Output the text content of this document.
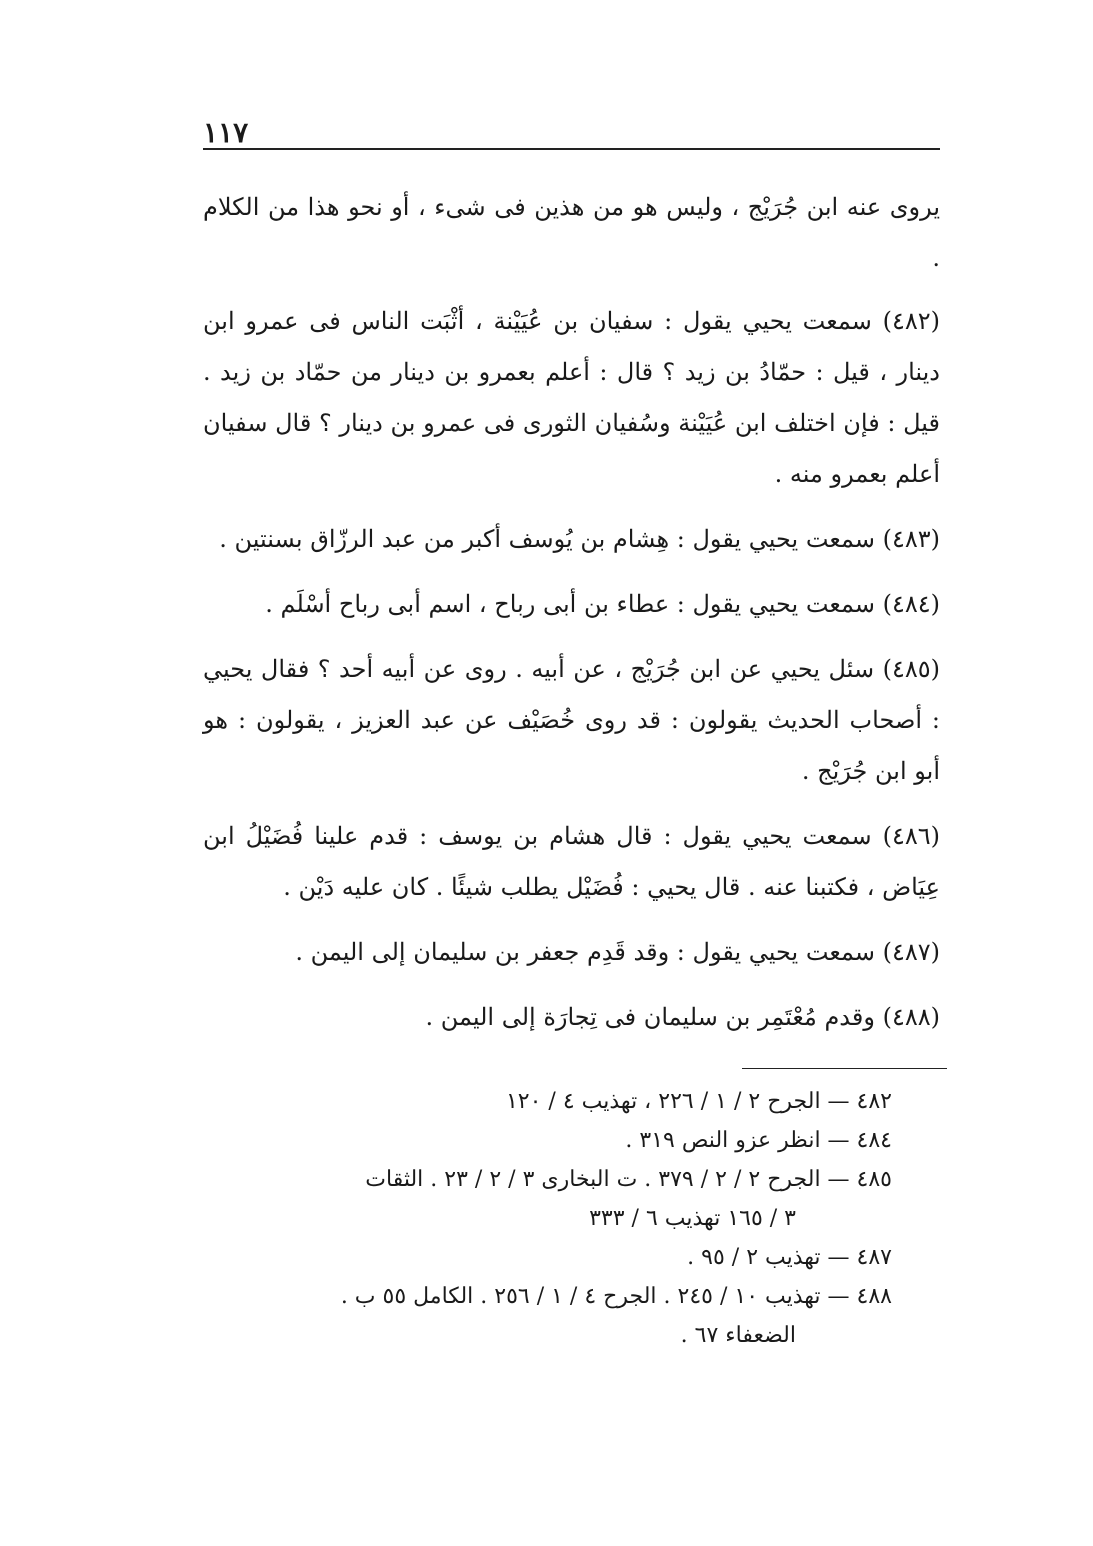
١١٧

يروى عنه ابن جُرَيْج ، وليس هو من هذين فى شىء ، أو نحو هذا من الكلام .

(٤٨٢) سمعت يحيي يقول : سفيان بن عُيَيْنة ، أثْبَت الناس فى عمرو ابن دينار ، قيل : حمّادُ بن زيد ؟ قال : أعلم بعمرو بن دينار من حمّاد بن زيد . قيل : فإن اختلف ابن عُيَيْنة وسُفيان الثورى فى عمرو بن دينار ؟ قال سفيان أعلم بعمرو منه .

(٤٨٣) سمعت يحيي يقول : هِشام بن يُوسف أكبر من عبد الرزّاق بسنتين .

(٤٨٤) سمعت يحيي يقول : عطاء بن أبى رباح ، اسم أبى رباح أسْلَم .

(٤٨٥) سئل يحيي عن ابن جُرَيْج ، عن أبيه . روى عن أبيه أحد ؟ فقال يحيي : أصحاب الحديث يقولون : قد روى خُصَيْف عن عبد العزيز ، يقولون : هو أبو ابن جُرَيْج .

(٤٨٦) سمعت يحيي يقول : قال هشام بن يوسف : قدم علينا فُضَيْلُ ابن عِيَاض ، فكتبنا عنه . قال يحيي : فُضَيْل يطلب شيئًا . كان عليه دَيْن .

(٤٨٧) سمعت يحيي يقول : وقد قَدِم جعفر بن سليمان إلى اليمن .

(٤٨٨) وقدم مُعْتَمِر بن سليمان فى تِجارَة إلى اليمن .

٤٨٢ — الجرح ٢ / ١ / ٢٢٦ ، تهذيب ٤ / ١٢٠

٤٨٤ — انظر عزو النص ٣١٩ .

٤٨٥ — الجرح ٢ / ٢ / ٣٧٩ . ت البخارى ٣ / ٢ / ٢٣ . الثقات

٣ / ١٦٥ تهذيب ٦ / ٣٣٣

٤٨٧ — تهذيب ٢ / ٩٥ .

٤٨٨ — تهذيب ١٠ / ٢٤٥ . الجرح ٤ / ١ / ٢٥٦ . الكامل ٥٥ ب .

الضعفاء ٦٧ .
